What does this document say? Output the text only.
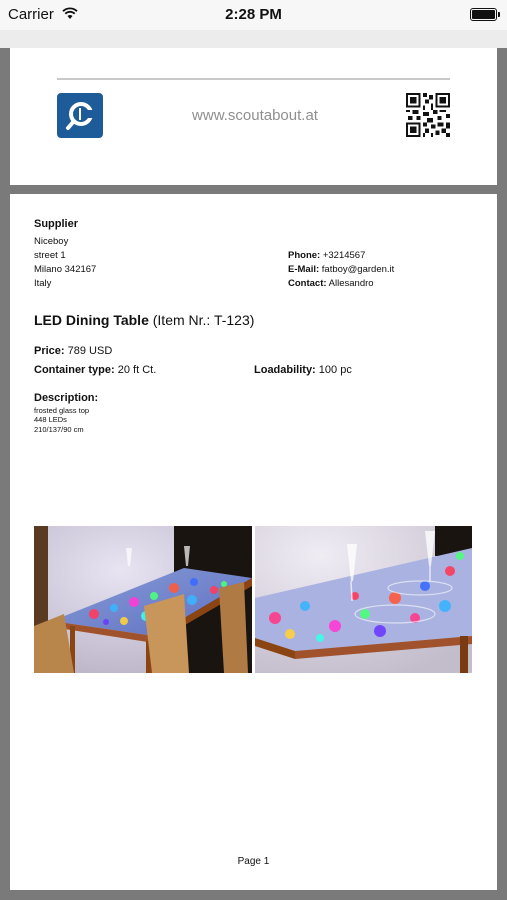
Carrier	2:28 PM
www.scoutabout.at
Supplier
Niceboy
street 1
Milano 342167
Italy
Phone: +3214567
E-Mail: fatboy@garden.it
Contact: Allesandro
LED Dining Table (Item Nr.: T-123)
Price: 789 USD
Container type: 20 ft Ct.	Loadability: 100 pc
Description:
frosted glass top
448 LEDs
210/137/90 cm
Page 1
